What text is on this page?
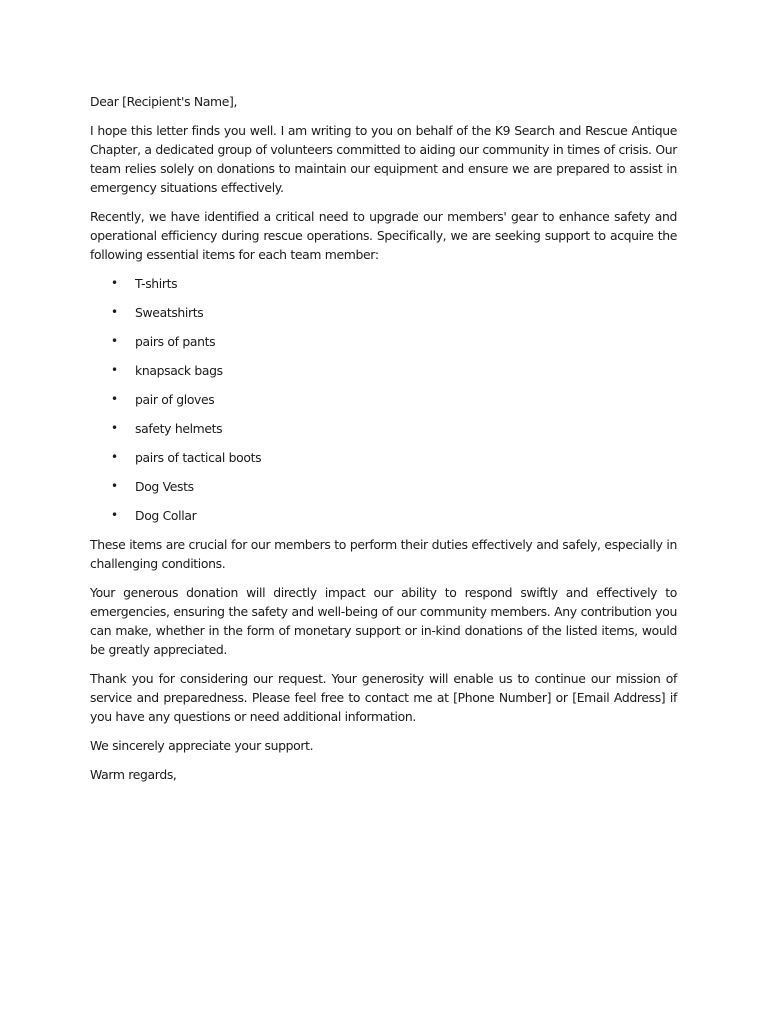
Dear [Recipient's Name],

I hope this letter finds you well. I am writing to you on behalf of the K9 Search and Rescue Antique Chapter, a dedicated group of volunteers committed to aiding our community in times of crisis. Our team relies solely on donations to maintain our equipment and ensure we are prepared to assist in emergency situations effectively.

Recently, we have identified a critical need to upgrade our members' gear to enhance safety and operational efficiency during rescue operations. Specifically, we are seeking support to acquire the following essential items for each team member:

• T-shirts
• Sweatshirts
• pairs of pants
• knapsack bags
• pair of gloves
• safety helmets
• pairs of tactical boots
• Dog Vests
• Dog Collar

These items are crucial for our members to perform their duties effectively and safely, especially in challenging conditions.

Your generous donation will directly impact our ability to respond swiftly and effectively to emergencies, ensuring the safety and well-being of our community members. Any contribution you can make, whether in the form of monetary support or in-kind donations of the listed items, would be greatly appreciated.

Thank you for considering our request. Your generosity will enable us to continue our mission of service and preparedness. Please feel free to contact me at [Phone Number] or [Email Address] if you have any questions or need additional information.

We sincerely appreciate your support.

Warm regards,
